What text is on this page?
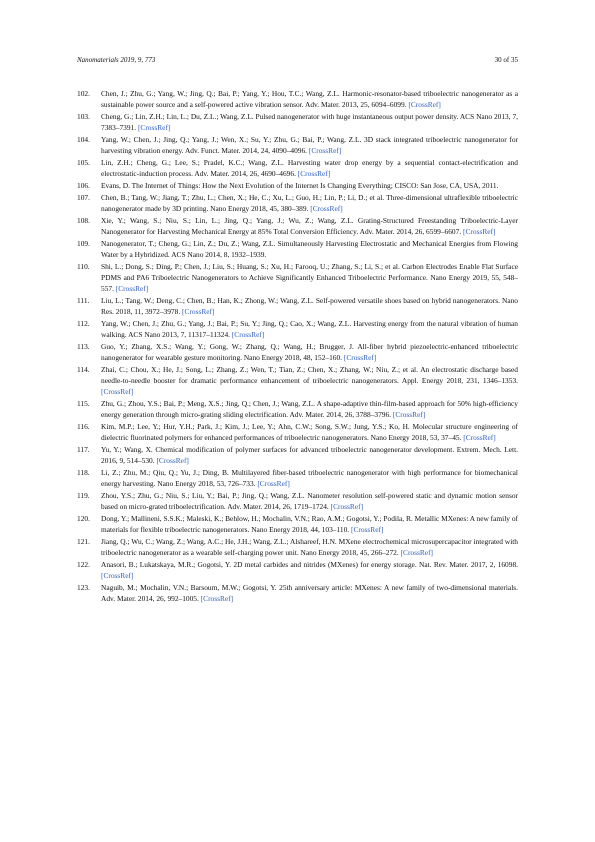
Nanomaterials 2019, 9, 773	30 of 35
102. Chen, J.; Zhu, G.; Yang, W.; Jing, Q.; Bai, P.; Yang, Y.; Hou, T.C.; Wang, Z.L. Harmonic-resonator-based triboelectric nanogenerator as a sustainable power source and a self-powered active vibration sensor. Adv. Mater. 2013, 25, 6094–6099. [CrossRef]
103. Cheng, G.; Lin, Z.H.; Lin, L.; Du, Z.L.; Wang, Z.L. Pulsed nanogenerator with huge instantaneous output power density. ACS Nano 2013, 7, 7383–7391. [CrossRef]
104. Yang, W.; Chen, J.; Jing, Q.; Yang, J.; Wen, X.; Su, Y.; Zhu, G.; Bai, P.; Wang, Z.L. 3D stack integrated triboelectric nanogenerator for harvesting vibration energy. Adv. Funct. Mater. 2014, 24, 4090–4096. [CrossRef]
105. Lin, Z.H.; Cheng, G.; Lee, S.; Pradel, K.C.; Wang, Z.L. Harvesting water drop energy by a sequential contact-electrification and electrostatic-induction process. Adv. Mater. 2014, 26, 4690–4696. [CrossRef]
106. Evans, D. The Internet of Things: How the Next Evolution of the Internet Is Changing Everything; CISCO: San Jose, CA, USA, 2011.
107. Chen, B.; Tang, W.; Jiang, T.; Zhu, L.; Chen, X.; He, C.; Xu, L.; Guo, H.; Lin, P.; Li, D.; et al. Three-dimensional ultraflexible triboelectric nanogenerator made by 3D printing. Nano Energy 2018, 45, 380–389. [CrossRef]
108. Xie, Y.; Wang, S.; Niu, S.; Lin, L.; Jing, Q.; Yang, J.; Wu, Z.; Wang, Z.L. Grating-Structured Freestanding Triboelectric-Layer Nanogenerator for Harvesting Mechanical Energy at 85% Total Conversion Efficiency. Adv. Mater. 2014, 26, 6599–6607. [CrossRef]
109. Nanogenerator, T.; Cheng, G.; Lin, Z.; Du, Z.; Wang, Z.L. Simultaneously Harvesting Electrostatic and Mechanical Energies from Flowing Water by a Hybridized. ACS Nano 2014, 8, 1932–1939.
110. Shi, L.; Dong, S.; Ding, P.; Chen, J.; Liu, S.; Huang, S.; Xu, H.; Farooq, U.; Zhang, S.; Li, S.; et al. Carbon Electrodes Enable Flat Surface PDMS and PA6 Triboelectric Nanogenerators to Achieve Significantly Enhanced Triboelectric Performance. Nano Energy 2019, 55, 548–557. [CrossRef]
111. Liu, L.; Tang, W.; Deng, C.; Chen, B.; Han, K.; Zhong, W.; Wang, Z.L. Self-powered versatile shoes based on hybrid nanogenerators. Nano Res. 2018, 11, 3972–3978. [CrossRef]
112. Yang, W.; Chen, J.; Zhu, G.; Yang, J.; Bai, P.; Su, Y.; Jing, Q.; Cao, X.; Wang, Z.L. Harvesting energy from the natural vibration of human walking. ACS Nano 2013, 7, 11317–11324. [CrossRef]
113. Guo, Y.; Zhang, X.S.; Wang, Y.; Gong, W.; Zhang, Q.; Wang, H.; Brugger, J. All-fiber hybrid piezoelectric-enhanced triboelectric nanogenerator for wearable gesture monitoring. Nano Energy 2018, 48, 152–160. [CrossRef]
114. Zhai, C.; Chou, X.; He, J.; Song, L.; Zhang, Z.; Wen, T.; Tian, Z.; Chen, X.; Zhang, W.; Niu, Z.; et al. An electrostatic discharge based needle-to-needle booster for dramatic performance enhancement of triboelectric nanogenerators. Appl. Energy 2018, 231, 1346–1353. [CrossRef]
115. Zhu, G.; Zhou, Y.S.; Bai, P.; Meng, X.S.; Jing, Q.; Chen, J.; Wang, Z.L. A shape-adaptive thin-film-based approach for 50% high-efficiency energy generation through micro-grating sliding electrification. Adv. Mater. 2014, 26, 3788–3796. [CrossRef]
116. Kim, M.P.; Lee, Y.; Hur, Y.H.; Park, J.; Kim, J.; Lee, Y.; Ahn, C.W.; Song, S.W.; Jung, Y.S.; Ko, H. Molecular structure engineering of dielectric fluorinated polymers for enhanced performances of triboelectric nanogenerators. Nano Energy 2018, 53, 37–45. [CrossRef]
117. Yu, Y.; Wang, X. Chemical modification of polymer surfaces for advanced triboelectric nanogenerator development. Extrem. Mech. Lett. 2016, 9, 514–530. [CrossRef]
118. Li, Z.; Zhu, M.; Qiu, Q.; Yu, J.; Ding, B. Multilayered fiber-based triboelectric nanogenerator with high performance for biomechanical energy harvesting. Nano Energy 2018, 53, 726–733. [CrossRef]
119. Zhou, Y.S.; Zhu, G.; Niu, S.; Liu, Y.; Bai, P.; Jing, Q.; Wang, Z.L. Nanometer resolution self-powered static and dynamic motion sensor based on micro-grated triboelectrification. Adv. Mater. 2014, 26, 1719–1724. [CrossRef]
120. Dong, Y.; Mallineni, S.S.K.; Maleski, K.; Behlow, H.; Mochalin, V.N.; Rao, A.M.; Gogotsi, Y.; Podila, R. Metallic MXenes: A new family of materials for flexible triboelectric nanogenerators. Nano Energy 2018, 44, 103–110. [CrossRef]
121. Jiang, Q.; Wu, C.; Wang, Z.; Wang, A.C.; He, J.H.; Wang, Z.L.; Alshareef, H.N. MXene electrochemical microsupercapacitor integrated with triboelectric nanogenerator as a wearable self-charging power unit. Nano Energy 2018, 45, 266–272. [CrossRef]
122. Anasori, B.; Lukatskaya, M.R.; Gogotsi, Y. 2D metal carbides and nitrides (MXenes) for energy storage. Nat. Rev. Mater. 2017, 2, 16098. [CrossRef]
123. Naguib, M.; Mochalin, V.N.; Barsoum, M.W.; Gogotsi, Y. 25th anniversary article: MXenes: A new family of two-dimensional materials. Adv. Mater. 2014, 26, 992–1005. [CrossRef]
